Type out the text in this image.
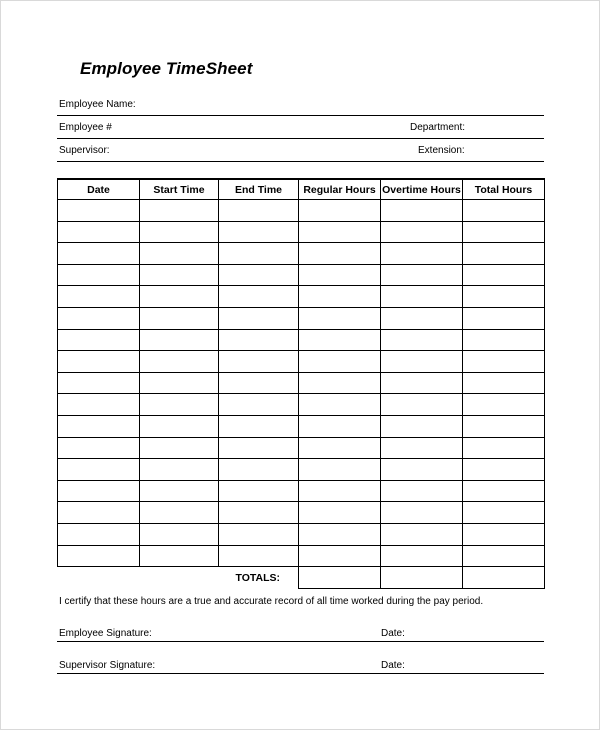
Employee TimeSheet
Employee Name:
Employee #	Department:
Supervisor:	Extension:
Date	Start Time	End Time	Regular Hours	Overtime Hours	Total Hours

	TOTALS:				
I certify that these hours are a true and accurate record of all time worked during the pay period.
Employee Signature:	Date:
Supervisor Signature:	Date:
